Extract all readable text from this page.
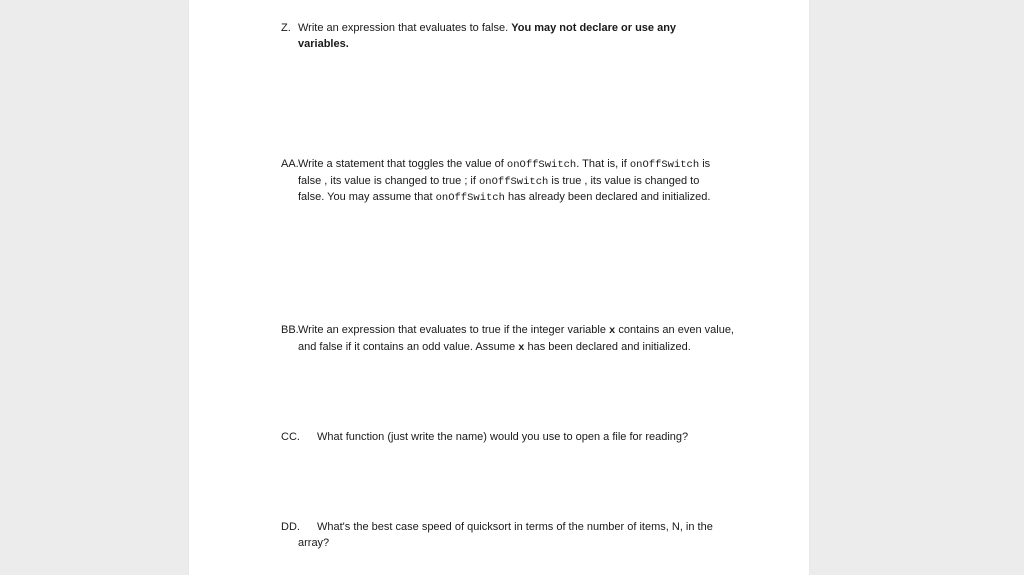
Z. Write an expression that evaluates to false. You may not declare or use any
variables.
AA. Write a statement that toggles the value of onOffSwitch. That is, if onOffSwitch is
false , its value is changed to true ; if onOffSwitch is true , its value is changed to
false. You may assume that onOffSwitch has already been declared and initialized.
BB. Write an expression that evaluates to true if the integer variable x contains an even value,
and false if it contains an odd value. Assume x has been declared and initialized.
CC. What function (just write the name) would you use to open a file for reading?
DD. What's the best case speed of quicksort in terms of the number of items, N, in the
array?
